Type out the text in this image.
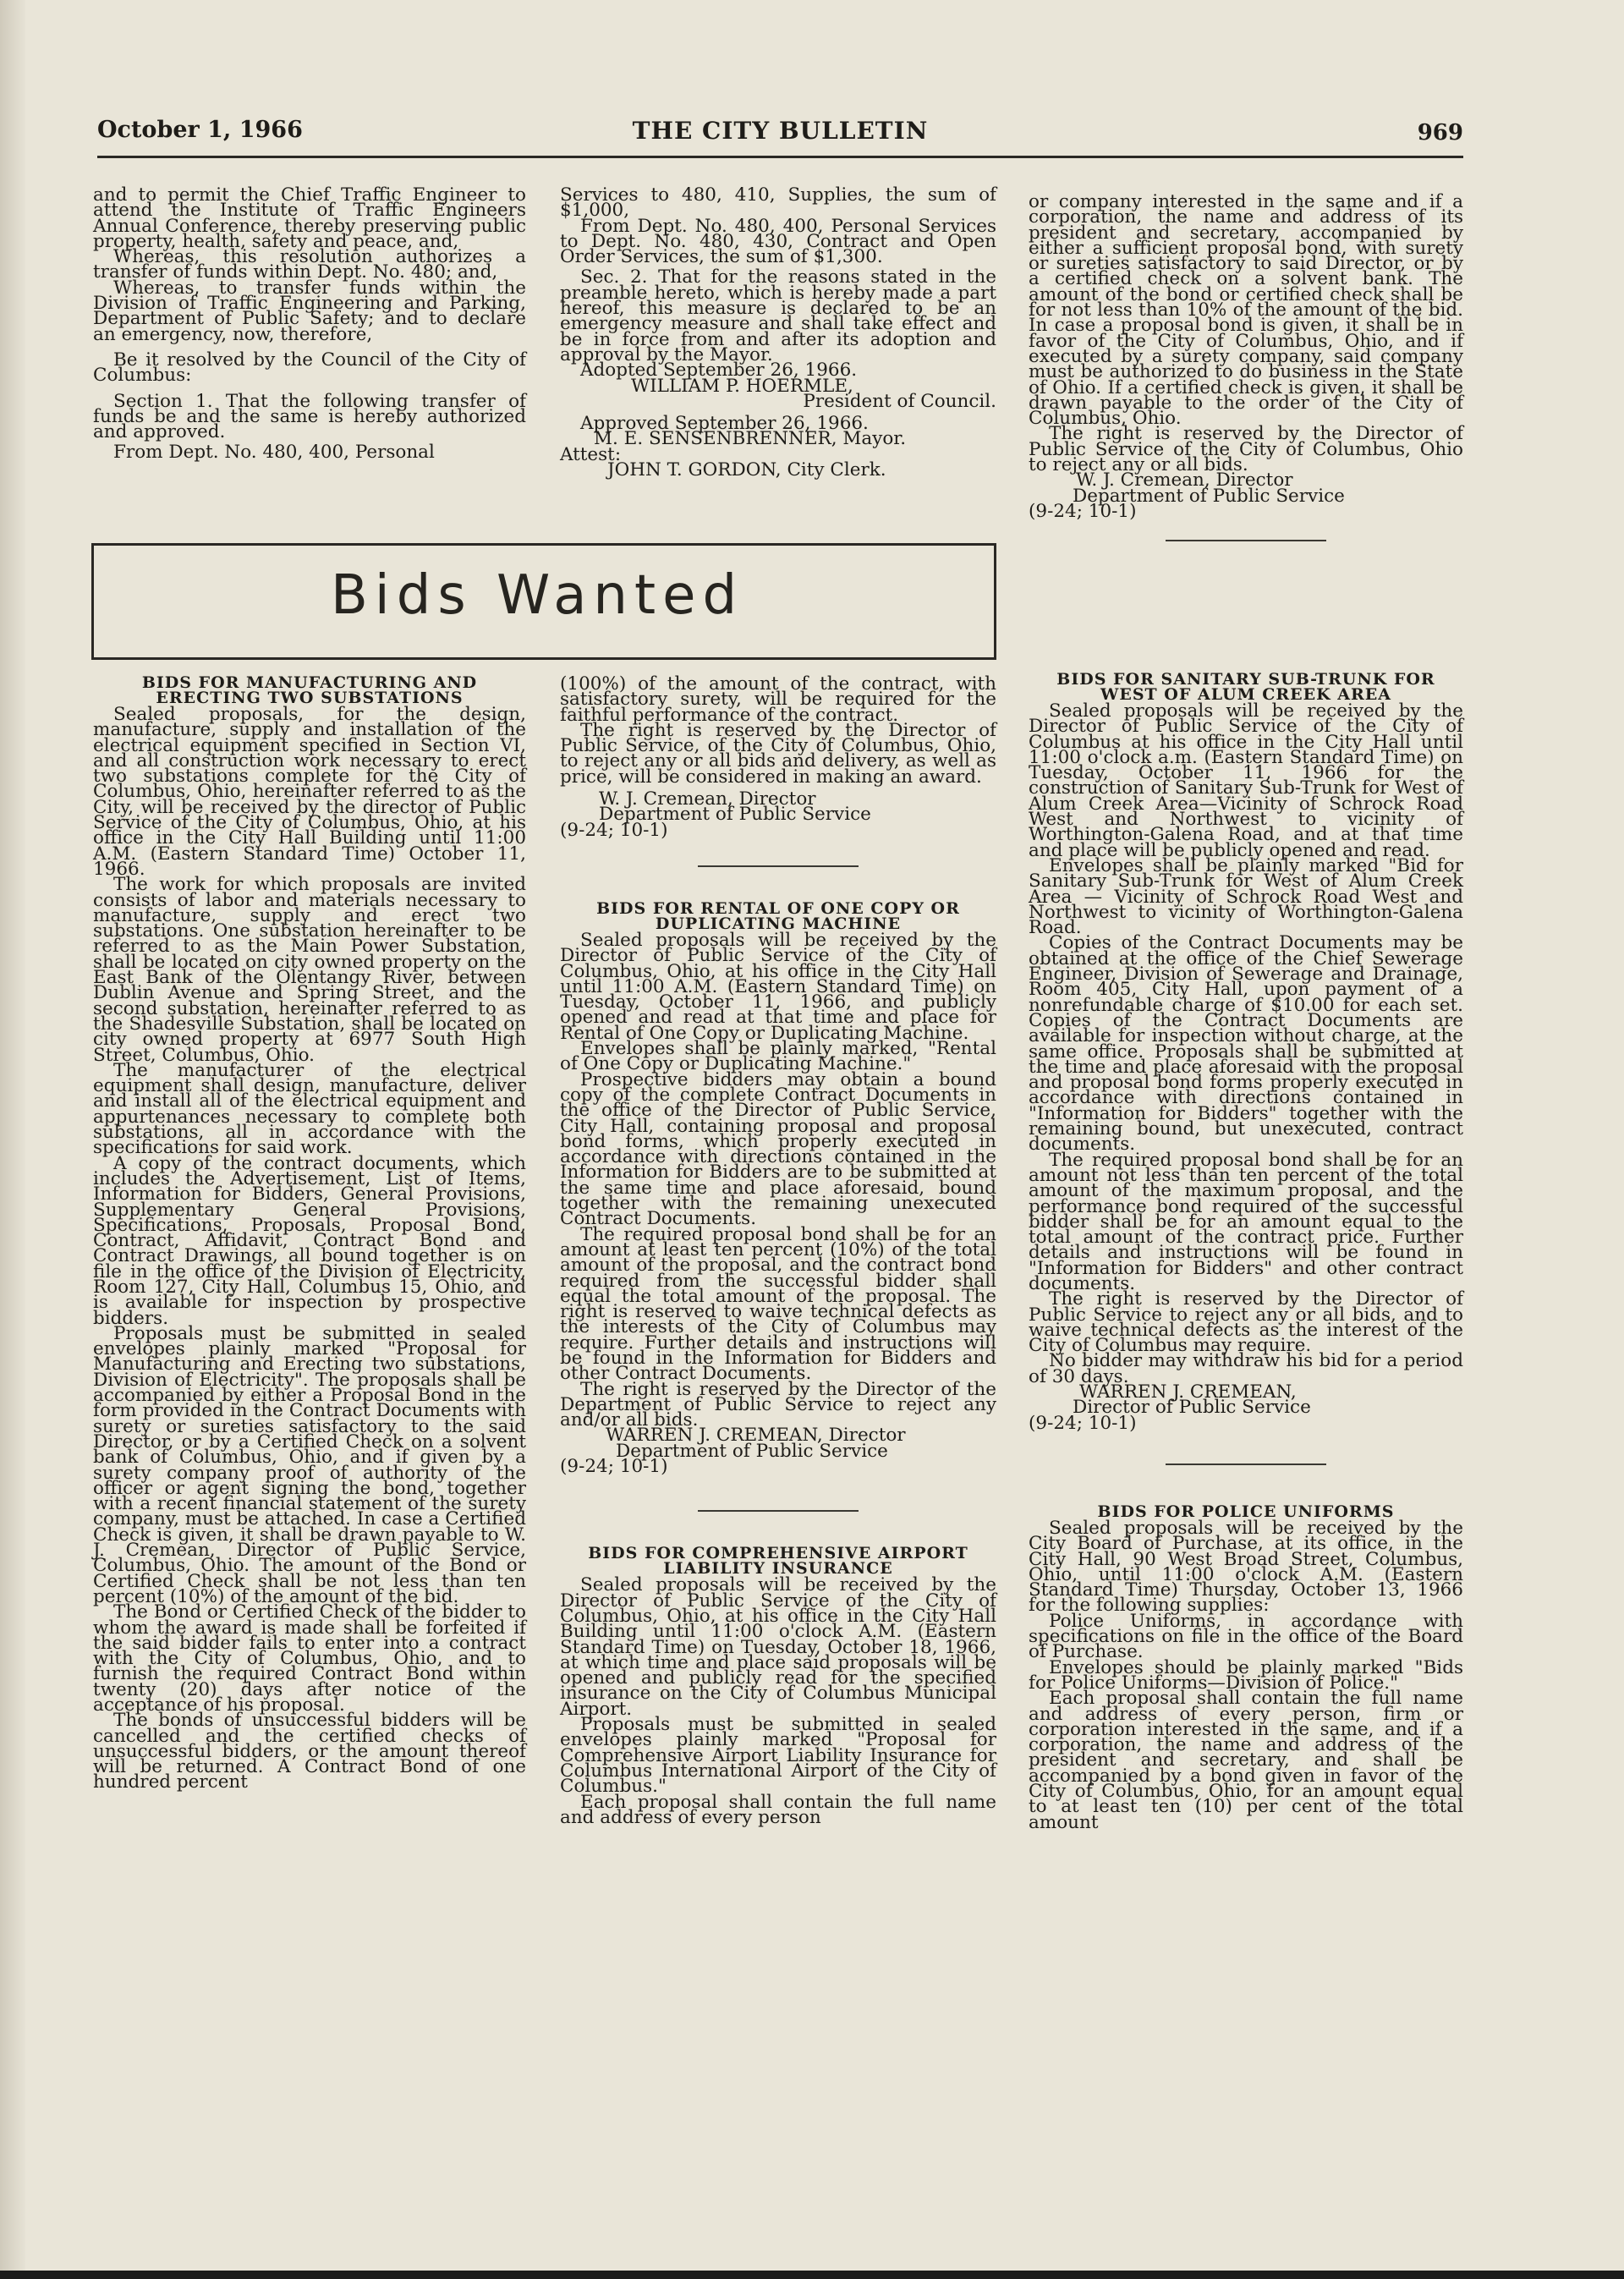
October 1, 1966	THE CITY BULLETIN	969

and to permit the Chief Traffic Engineer to attend the Institute of Traffic Engineers Annual Conference, thereby preserving public property, health, safety and peace, and,

Whereas, this resolution authorizes a transfer of funds within Dept. No. 480; and,

Whereas, to transfer funds within the Division of Traffic Engineering and Parking, Department of Public Safety; and to declare an emergency, now, therefore,

Be it resolved by the Council of the City of Columbus:

Section 1. That the following transfer of funds be and the same is hereby authorized and approved.

From Dept. No. 480, 400, Personal

Services to 480, 410, Supplies, the sum of $1,000,

From Dept. No. 480, 400, Personal Services to Dept. No. 480, 430, Contract and Open Order Services, the sum of $1,300.

Sec. 2. That for the reasons stated in the preamble hereto, which is hereby made a part hereof, this measure is declared to be an emergency measure and shall take effect and be in force from and after its adoption and approval by the Mayor.

Adopted September 26, 1966.

WILLIAM P. HOERMLE,

President of Council.

Approved September 26, 1966.

M. E. SENSENBRENNER, Mayor.

Attest:

JOHN T. GORDON, City Clerk.

or company interested in the same and if a corporation, the name and address of its president and secretary, accompanied by either a sufficient proposal bond, with surety or sureties satisfactory to said Director, or by a certified check on a solvent bank. The amount of the bond or certified check shall be for not less than 10% of the amount of the bid. In case a proposal bond is given, it shall be in favor of the City of Columbus, Ohio, and if executed by a surety company, said company must be authorized to do business in the State of Ohio. If a certified check is given, it shall be drawn payable to the order of the City of Columbus, Ohio.

The right is reserved by the Director of Public Service of the City of Columbus, Ohio to reject any or all bids.

W. J. Cremean, Director

Department of Public Service

(9-24; 10-1)

Bids Wanted
BIDS FOR MANUFACTURING AND ERECTING TWO SUBSTATIONS

Sealed proposals, for the design, manufacture, supply and installation of the electrical equipment specified in Section VI, and all construction work necessary to erect two substations complete for the City of Columbus, Ohio, hereinafter referred to as the City, will be received by the director of Public Service of the City of Columbus, Ohio, at his office in the City Hall Building until 11:00 A.M. (Eastern Standard Time) October 11, 1966.

The work for which proposals are invited consists of labor and materials necessary to manufacture, supply and erect two substations. One substation hereinafter to be referred to as the Main Power Substation, shall be located on city owned property on the East Bank of the Olentangy River, between Dublin Avenue and Spring Street, and the second substation, hereinafter referred to as the Shadesville Substation, shall be located on city owned property at 6977 South High Street, Columbus, Ohio.

The manufacturer of the electrical equipment shall design, manufacture, deliver and install all of the electrical equipment and appurtenances necessary to complete both substations, all in accordance with the specifications for said work.

A copy of the contract documents, which includes the Advertisement, List of Items, Information for Bidders, General Provisions, Supplementary General Provisions, Specifications, Proposals, Proposal Bond, Contract, Affidavit, Contract Bond and Contract Drawings, all bound together is on file in the office of the Division of Electricity, Room 127, City Hall, Columbus 15, Ohio, and is available for inspection by prospective bidders.

Proposals must be submitted in sealed envelopes plainly marked "Proposal for Manufacturing and Erecting two substations, Division of Electricity". The proposals shall be accompanied by either a Proposal Bond in the form provided in the Contract Documents with surety or sureties satisfactory to the said Director, or by a Certified Check on a solvent bank of Columbus, Ohio, and if given by a surety company proof of authority of the officer or agent signing the bond, together with a recent financial statement of the surety company, must be attached. In case a Certified Check is given, it shall be drawn payable to W. J. Cremean, Director of Public Service, Columbus, Ohio. The amount of the Bond or Certified Check shall be not less than ten percent (10%) of the amount of the bid.

The Bond or Certified Check of the bidder to whom the award is made shall be forfeited if the said bidder fails to enter into a contract with the City of Columbus, Ohio, and to furnish the required Contract Bond within twenty (20) days after notice of the acceptance of his proposal.

The bonds of unsuccessful bidders will be cancelled and the certified checks of unsuccessful bidders, or the amount thereof will be returned. A Contract Bond of one hundred percent

(100%) of the amount of the contract, with satisfactory surety, will be required for the faithful performance of the contract.

The right is reserved by the Director of Public Service, of the City of Columbus, Ohio, to reject any or all bids and delivery, as well as price, will be considered in making an award.

W. J. Cremean, Director

Department of Public Service

(9-24; 10-1)

BIDS FOR RENTAL OF ONE COPY OR DUPLICATING MACHINE

Sealed proposals will be received by the Director of Public Service of the City of Columbus, Ohio, at his office in the City Hall until 11:00 A.M. (Eastern Standard Time) on Tuesday, October 11, 1966, and publicly opened and read at that time and place for Rental of One Copy or Duplicating Machine.

Envelopes shall be plainly marked, "Rental of One Copy or Duplicating Machine."

Prospective bidders may obtain a bound copy of the complete Contract Documents in the office of the Director of Public Service, City Hall, containing proposal and proposal bond forms, which properly executed in accordance with directions contained in the Information for Bidders are to be submitted at the same time and place aforesaid, bound together with the remaining unexecuted Contract Documents.

The required proposal bond shall be for an amount at least ten percent (10%) of the total amount of the proposal, and the contract bond required from the successful bidder shall equal the total amount of the proposal. The right is reserved to waive technical defects as the interests of the City of Columbus may require. Further details and instructions will be found in the Information for Bidders and other Contract Documents.

The right is reserved by the Director of the Department of Public Service to reject any and/or all bids.

WARREN J. CREMEAN, Director

Department of Public Service

(9-24; 10-1)

BIDS FOR COMPREHENSIVE AIRPORT LIABILITY INSURANCE

Sealed proposals will be received by the Director of Public Service of the City of Columbus, Ohio, at his office in the City Hall Building until 11:00 o'clock A.M. (Eastern Standard Time) on Tuesday, October 18, 1966, at which time and place said proposals will be opened and publicly read for the specified insurance on the City of Columbus Municipal Airport.

Proposals must be submitted in sealed envelopes plainly marked "Proposal for Comprehensive Airport Liability Insurance for Columbus International Airport of the City of Columbus."

Each proposal shall contain the full name and address of every person

BIDS FOR SANITARY SUB-TRUNK FOR WEST OF ALUM CREEK AREA

Sealed proposals will be received by the Director of Public Service of the City of Columbus at his office in the City Hall until 11:00 o'clock a.m. (Eastern Standard Time) on Tuesday, October 11, 1966 for the construction of Sanitary Sub-Trunk for West of Alum Creek Area—Vicinity of Schrock Road West and Northwest to vicinity of Worthington-Galena Road, and at that time and place will be publicly opened and read.

Envelopes shall be plainly marked "Bid for Sanitary Sub-Trunk for West of Alum Creek Area — Vicinity of Schrock Road West and Northwest to vicinity of Worthington-Galena Road.

Copies of the Contract Documents may be obtained at the office of the Chief Sewerage Engineer, Division of Sewerage and Drainage, Room 405, City Hall, upon payment of a nonrefundable charge of $10.00 for each set. Copies of the Contract Documents are available for inspection without charge, at the same office. Proposals shall be submitted at the time and place aforesaid with the proposal and proposal bond forms properly executed in accordance with directions contained in "Information for Bidders" together with the remaining bound, but unexecuted, contract documents.

The required proposal bond shall be for an amount not less than ten percent of the total amount of the maximum proposal, and the performance bond required of the successful bidder shall be for an amount equal to the total amount of the contract price. Further details and instructions will be found in "Information for Bidders" and other contract documents.

The right is reserved by the Director of Public Service to reject any or all bids, and to waive technical defects as the interest of the City of Columbus may require.

No bidder may withdraw his bid for a period of 30 days.

WARREN J. CREMEAN,

Director of Public Service

(9-24; 10-1)

BIDS FOR POLICE UNIFORMS

Sealed proposals will be received by the City Board of Purchase, at its office, in the City Hall, 90 West Broad Street, Columbus, Ohio, until 11:00 o'clock A.M. (Eastern Standard Time) Thursday, October 13, 1966 for the following supplies:

Police Uniforms, in accordance with specifications on file in the office of the Board of Purchase.

Envelopes should be plainly marked "Bids for Police Uniforms—Division of Police."

Each proposal shall contain the full name and address of every person, firm or corporation interested in the same, and if a corporation, the name and address of the president and secretary, and shall be accompanied by a bond given in favor of the City of Columbus, Ohio, for an amount equal to at least ten (10) per cent of the total amount
